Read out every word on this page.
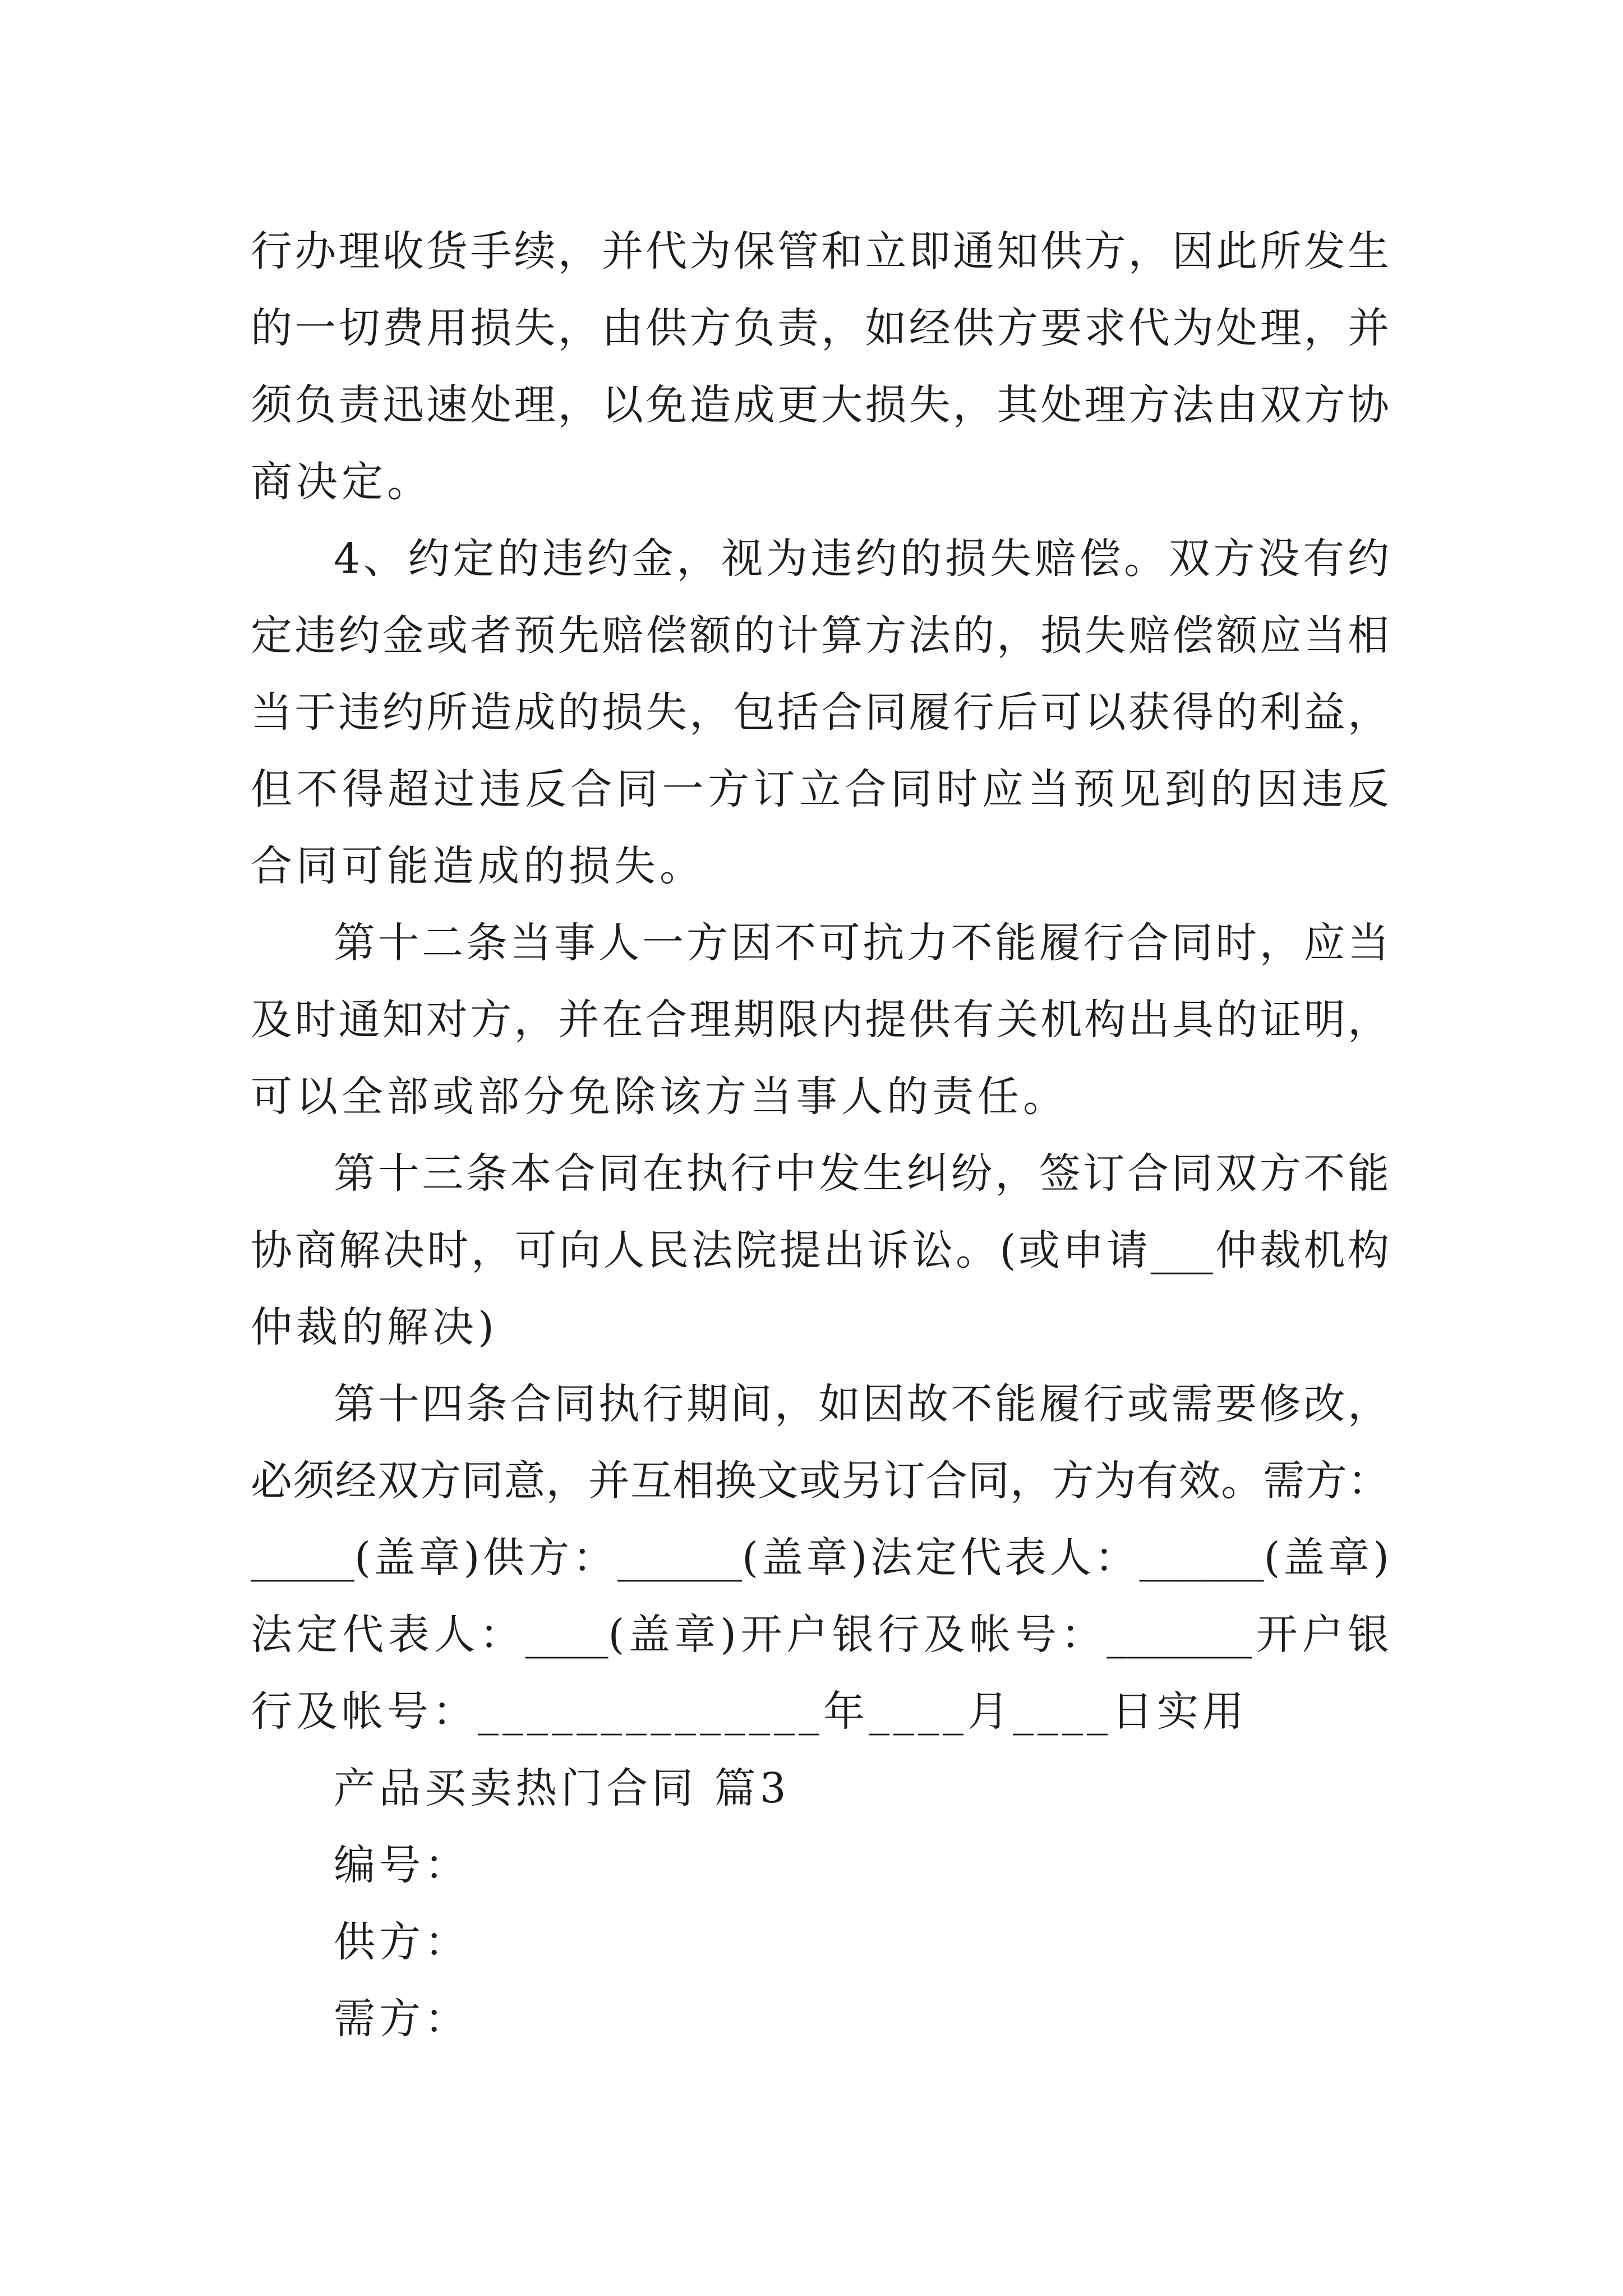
行办理收货手续，并代为保管和立即通知供方，因此所发生
的一切费用损失，由供方负责，如经供方要求代为处理，并
须负责迅速处理，以免造成更大损失，其处理方法由双方协
商决定。
4、约定的违约金，视为违约的损失赔偿。双方没有约
定违约金或者预先赔偿额的计算方法的，损失赔偿额应当相
当于违约所造成的损失，包括合同履行后可以获得的利益，
但不得超过违反合同一方订立合同时应当预见到的因违反
合同可能造成的损失。
第十二条当事人一方因不可抗力不能履行合同时，应当
及时通知对方，并在合理期限内提供有关机构出具的证明，
可以全部或部分免除该方当事人的责任。
第十三条本合同在执行中发生纠纷，签订合同双方不能
协商解决时，可向人民法院提出诉讼。(或申请___仲裁机构
仲裁的解决)
第十四条合同执行期间，如因故不能履行或需要修改，
必须经双方同意，并互相换文或另订合同，方为有效。需方：
_____(盖章)供方：______(盖章)法定代表人：______(盖章)
法定代表人：____(盖章)开户银行及帐号：_______开户银
行及帐号：______________年____月____日实用
产品买卖热门合同 篇3
编号：
供方：
需方：
